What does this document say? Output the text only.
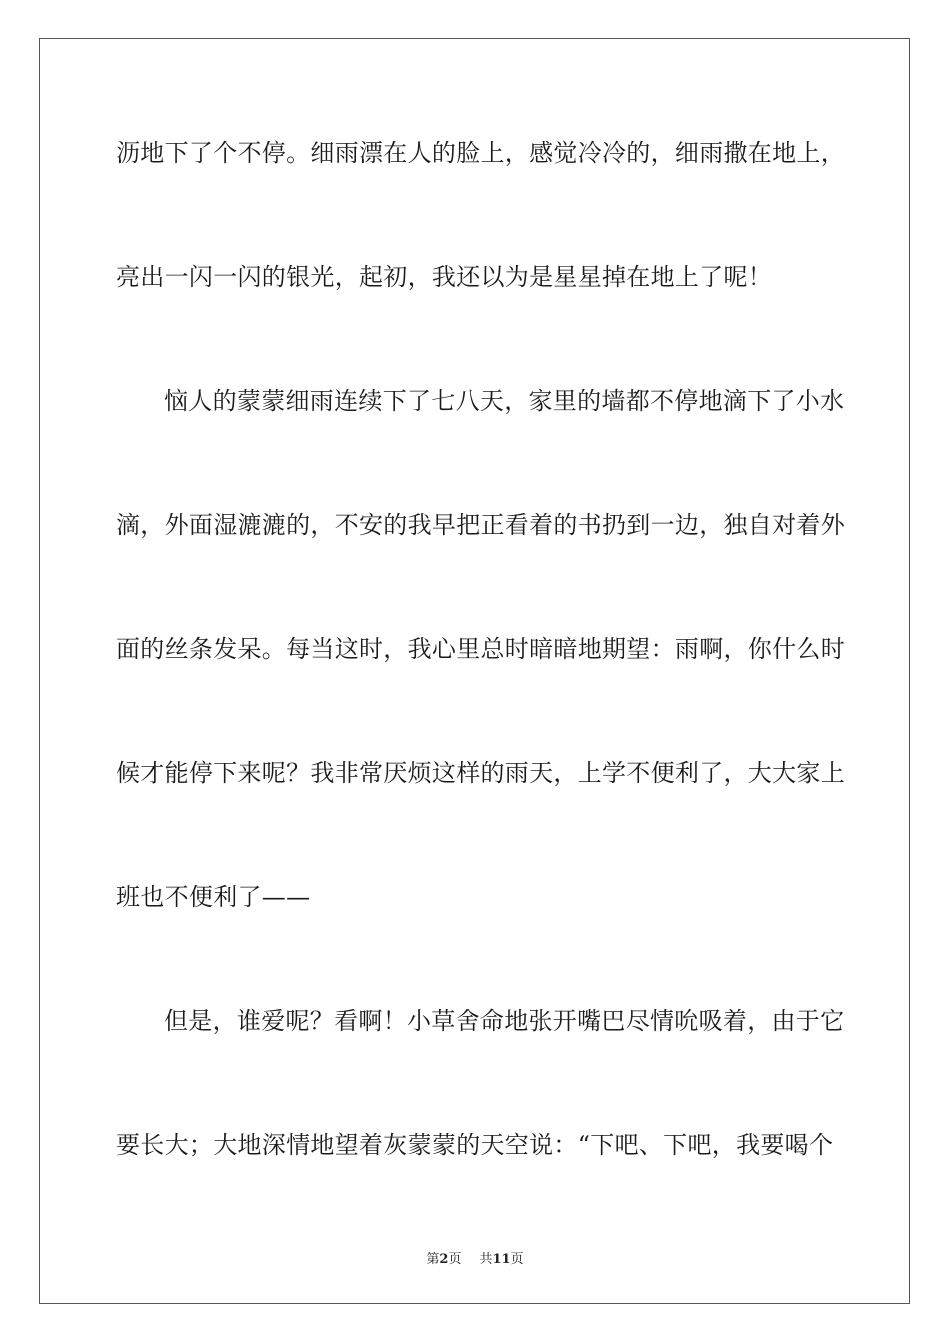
沥地下了个不停。细雨漂在人的脸上，感觉冷冷的，细雨撒在地上，
亮出一闪一闪的银光，起初，我还以为是星星掉在地上了呢！
恼人的蒙蒙细雨连续下了七八天，家里的墙都不停地滴下了小水
滴，外面湿漉漉的，不安的我早把正看着的书扔到一边，独自对着外
面的丝条发呆。每当这时，我心里总时暗暗地期望：雨啊，你什么时
候才能停下来呢？我非常厌烦这样的雨天，上学不便利了，大大家上
班也不便利了——
但是，谁爱呢？看啊！小草舍命地张开嘴巴尽情吮吸着，由于它
要长大；大地深情地望着灰蒙蒙的天空说：“下吧、下吧，我要喝个
第2页 共11页
